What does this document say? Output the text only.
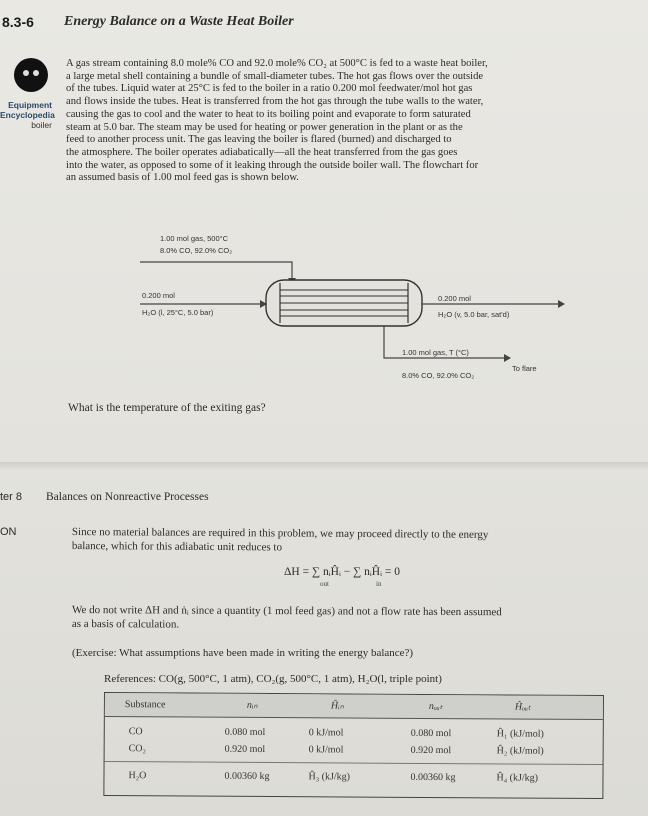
8.3-6 Energy Balance on a Waste Heat Boiler
Equipment
Encyclopedia
boiler
A gas stream containing 8.0 mole% CO and 92.0 mole% CO₂ at 500°C is fed to a waste heat boiler,
a large metal shell containing a bundle of small-diameter tubes. The hot gas flows over the outside
of the tubes. Liquid water at 25°C is fed to the boiler in a ratio 0.200 mol feedwater/mol hot gas
and flows inside the tubes. Heat is transferred from the hot gas through the tube walls to the water,
causing the gas to cool and the water to heat to its boiling point and evaporate to form saturated
steam at 5.0 bar. The steam may be used for heating or power generation in the plant or as the
feed to another process unit. The gas leaving the boiler is flared (burned) and discharged to
the atmosphere. The boiler operates adiabatically—all the heat transferred from the gas goes
into the water, as opposed to some of it leaking through the outside boiler wall. The flowchart for
an assumed basis of 1.00 mol feed gas is shown below.
1.00 mol gas, 500°C
8.0% CO, 92.0% CO₂
0.200 mol
H₂O (l, 25°C, 5.0 bar)
0.200 mol
H₂O (v, 5.0 bar, sat'd)
1.00 mol gas, T (°C)
8.0% CO, 92.0% CO₂
To flare
What is the temperature of the exiting gas?
ter 8 Balances on Nonreactive Processes
ON	Since no material balances are required in this problem, we may proceed directly to the energy
balance, which for this adiabatic unit reduces to
ΔH = ∑ nᵢĤᵢ − ∑ nᵢĤᵢ = 0
out	in
We do not write ΔH and ṅᵢ since a quantity (1 mol feed gas) and not a flow rate has been assumed
as a basis of calculation.
(Exercise: What assumptions have been made in writing the energy balance?)
References: CO(g, 500°C, 1 atm), CO₂(g, 500°C, 1 atm), H₂O(l, triple point)
Substance	nᵢₙ	Ĥᵢₙ	nₒᵤₜ	Ĥₒᵤₜ
CO	0.080 mol	0 kJ/mol	0.080 mol	Ĥ₁ (kJ/mol)
CO₂	0.920 mol	0 kJ/mol	0.920 mol	Ĥ₂ (kJ/mol)
H₂O	0.00360 kg	Ĥ₃ (kJ/kg)	0.00360 kg	Ĥ₄ (kJ/kg)
